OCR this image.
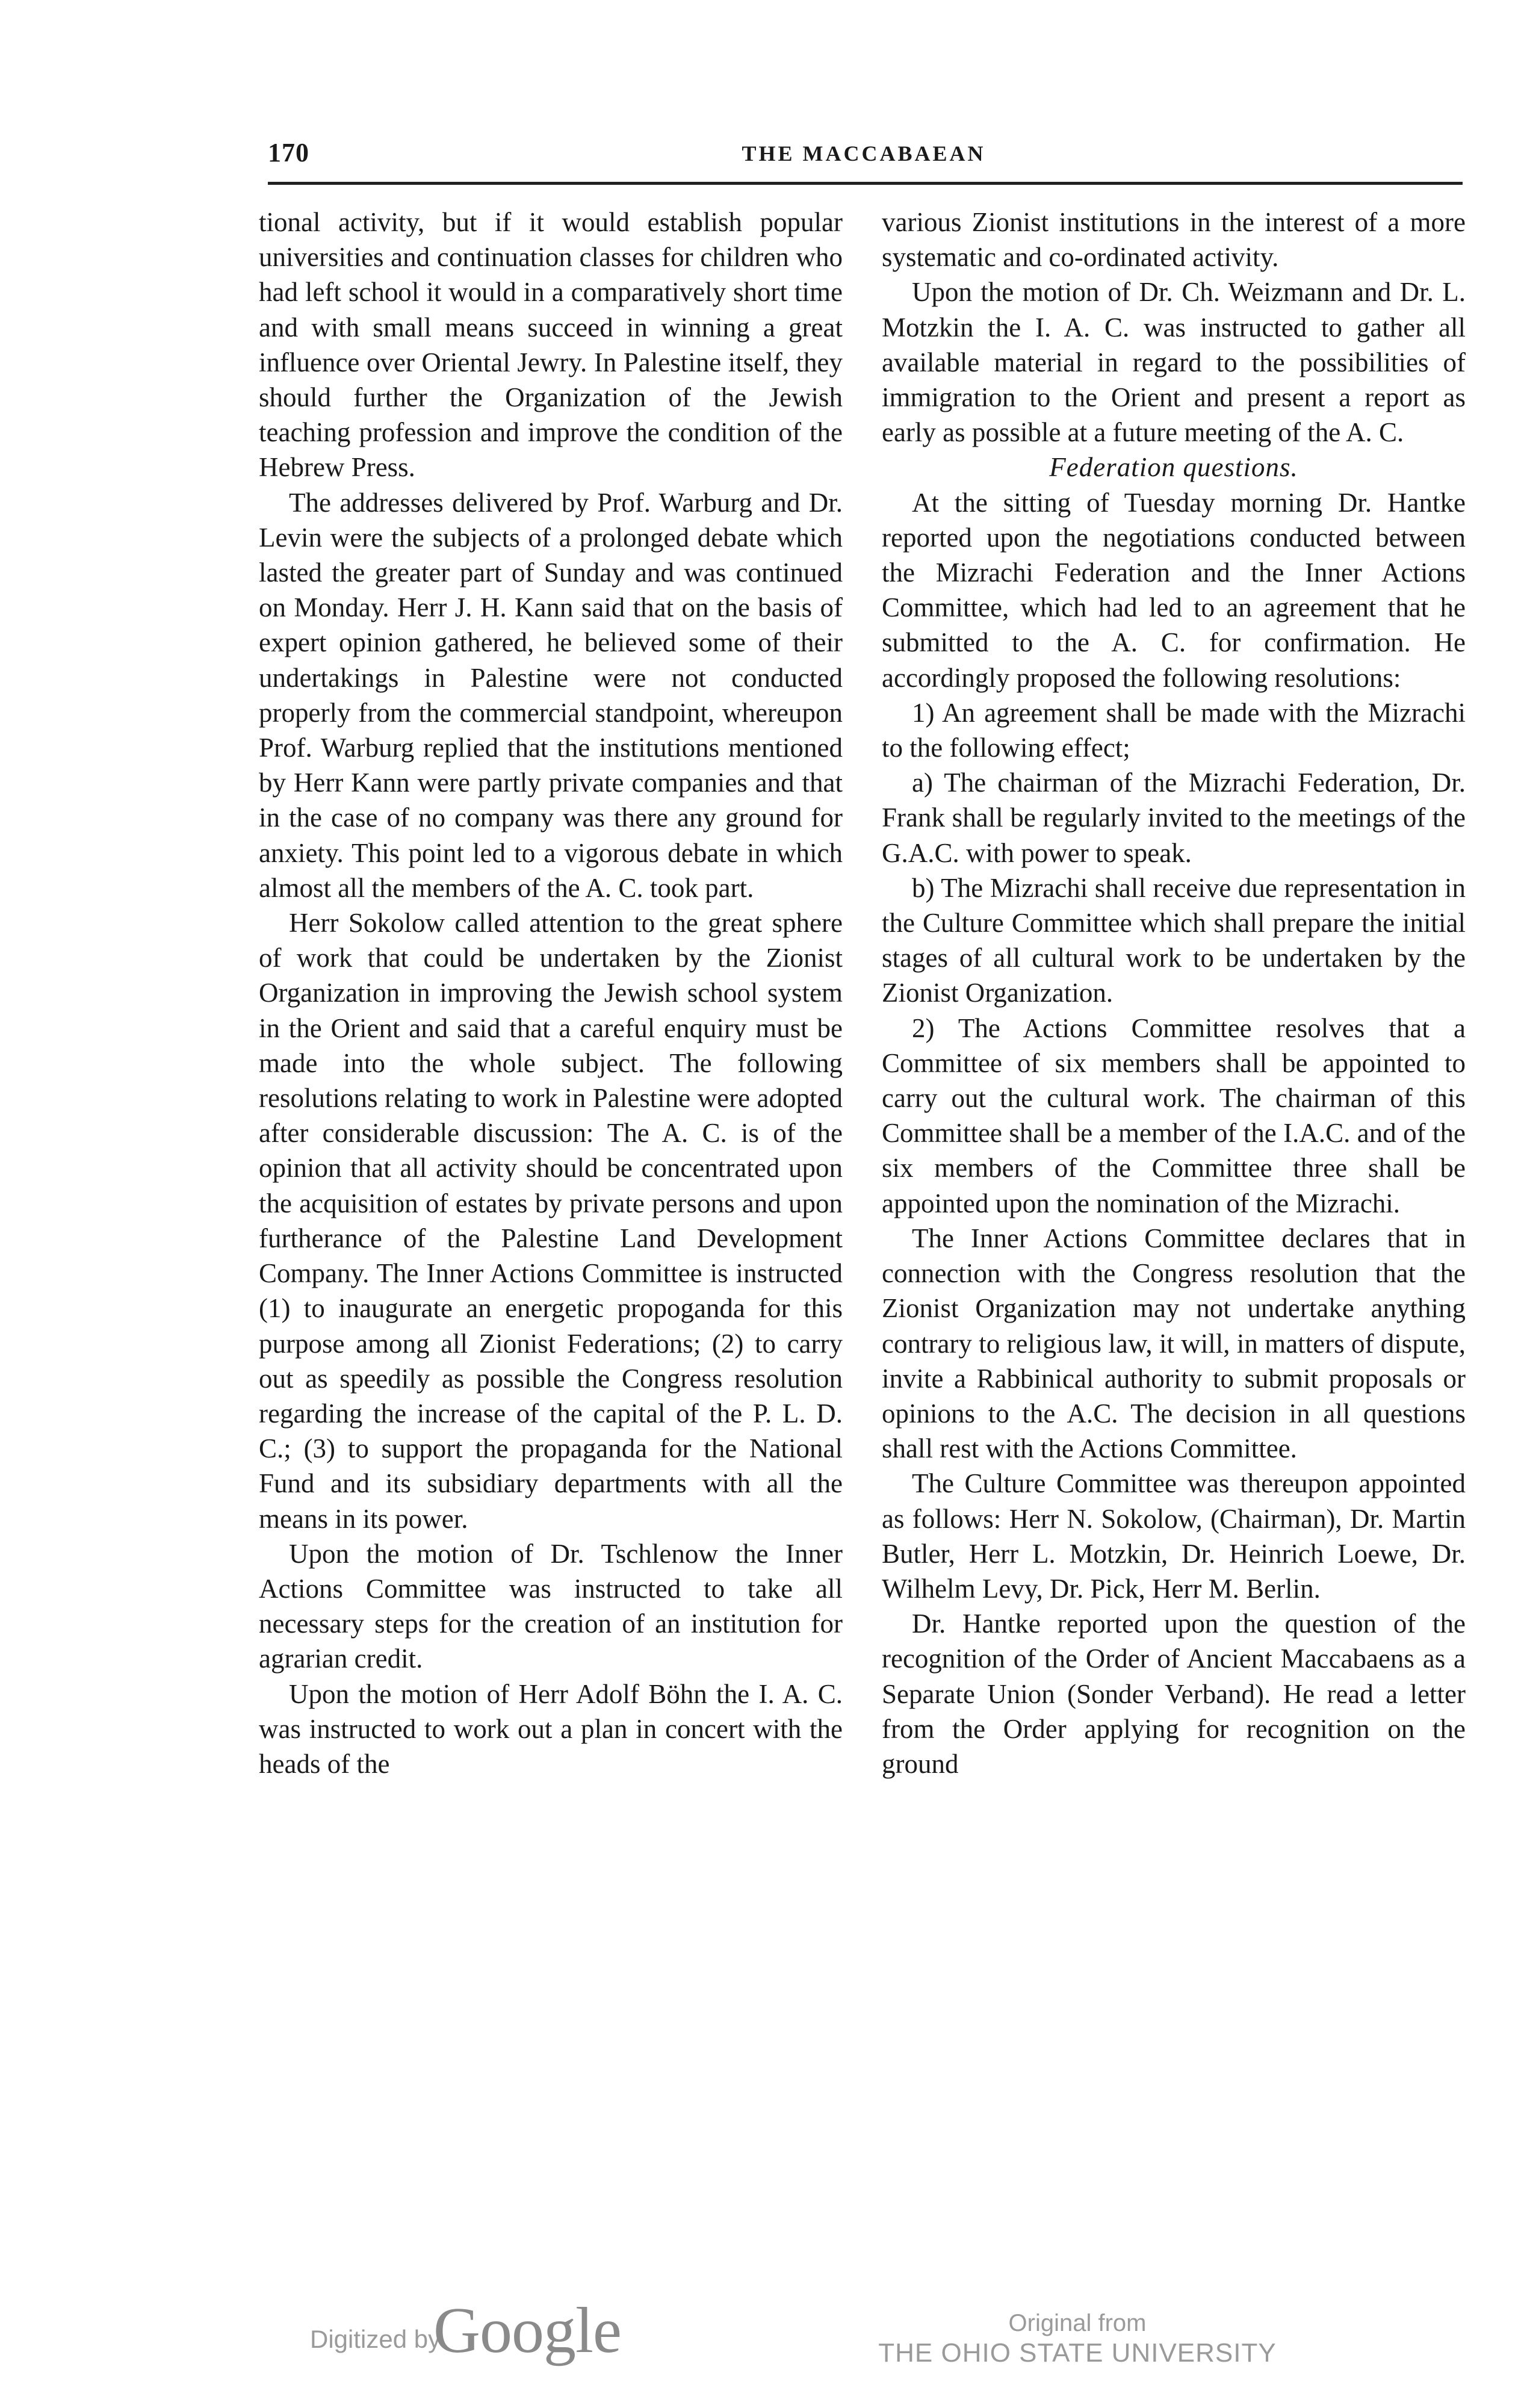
170	THE MACCABAEAN

tional activity, but if it would establish popular universities and continuation classes for children who had left school it would in a comparatively short time and with small means succeed in winning a great influence over Oriental Jewry. In Palestine itself, they should further the Organization of the Jewish teaching profession and improve the condition of the Hebrew Press.

The addresses delivered by Prof. Warburg and Dr. Levin were the subjects of a prolonged debate which lasted the greater part of Sunday and was continued on Monday. Herr J. H. Kann said that on the basis of expert opinion gathered, he believed some of their undertakings in Palestine were not conducted properly from the commercial standpoint, whereupon Prof. Warburg replied that the institutions mentioned by Herr Kann were partly private companies and that in the case of no company was there any ground for anxiety. This point led to a vigorous debate in which almost all the members of the A. C. took part.

Herr Sokolow called attention to the great sphere of work that could be undertaken by the Zionist Organization in improving the Jewish school system in the Orient and said that a careful enquiry must be made into the whole subject. The following resolutions relating to work in Palestine were adopted after considerable discussion: The A. C. is of the opinion that all activity should be concentrated upon the acquisition of estates by private persons and upon furtherance of the Palestine Land Development Company. The Inner Actions Committee is instructed (1) to inaugurate an energetic propoganda for this purpose among all Zionist Federations; (2) to carry out as speedily as possible the Congress resolution regarding the increase of the capital of the P. L. D. C.; (3) to support the propaganda for the National Fund and its subsidiary departments with all the means in its power.

Upon the motion of Dr. Tschlenow the Inner Actions Committee was instructed to take all necessary steps for the creation of an institution for agrarian credit.

Upon the motion of Herr Adolf Böhn the I. A. C. was instructed to work out a plan in concert with the heads of the

various Zionist institutions in the interest of a more systematic and co-ordinated activity.

Upon the motion of Dr. Ch. Weizmann and Dr. L. Motzkin the I. A. C. was instructed to gather all available material in regard to the possibilities of immigration to the Orient and present a report as early as possible at a future meeting of the A. C.

Federation questions.

At the sitting of Tuesday morning Dr. Hantke reported upon the negotiations conducted between the Mizrachi Federation and the Inner Actions Committee, which had led to an agreement that he submitted to the A. C. for confirmation. He accordingly proposed the following resolutions:

1) An agreement shall be made with the Mizrachi to the following effect;

a) The chairman of the Mizrachi Federation, Dr. Frank shall be regularly invited to the meetings of the G.A.C. with power to speak.

b) The Mizrachi shall receive due representation in the Culture Committee which shall prepare the initial stages of all cultural work to be undertaken by the Zionist Organization.

2) The Actions Committee resolves that a Committee of six members shall be appointed to carry out the cultural work. The chairman of this Committee shall be a member of the I.A.C. and of the six members of the Committee three shall be appointed upon the nomination of the Mizrachi.

The Inner Actions Committee declares that in connection with the Congress resolution that the Zionist Organization may not undertake anything contrary to religious law, it will, in matters of dispute, invite a Rabbinical authority to submit proposals or opinions to the A.C. The decision in all questions shall rest with the Actions Committee.

The Culture Committee was thereupon appointed as follows: Herr N. Sokolow, (Chairman), Dr. Martin Butler, Herr L. Motzkin, Dr. Heinrich Loewe, Dr. Wilhelm Levy, Dr. Pick, Herr M. Berlin.

Dr. Hantke reported upon the question of the recognition of the Order of Ancient Maccabaens as a Separate Union (Sonder Verband). He read a letter from the Order applying for recognition on the ground

Digitized by
Google	Original from
THE OHIO STATE UNIVERSITY
